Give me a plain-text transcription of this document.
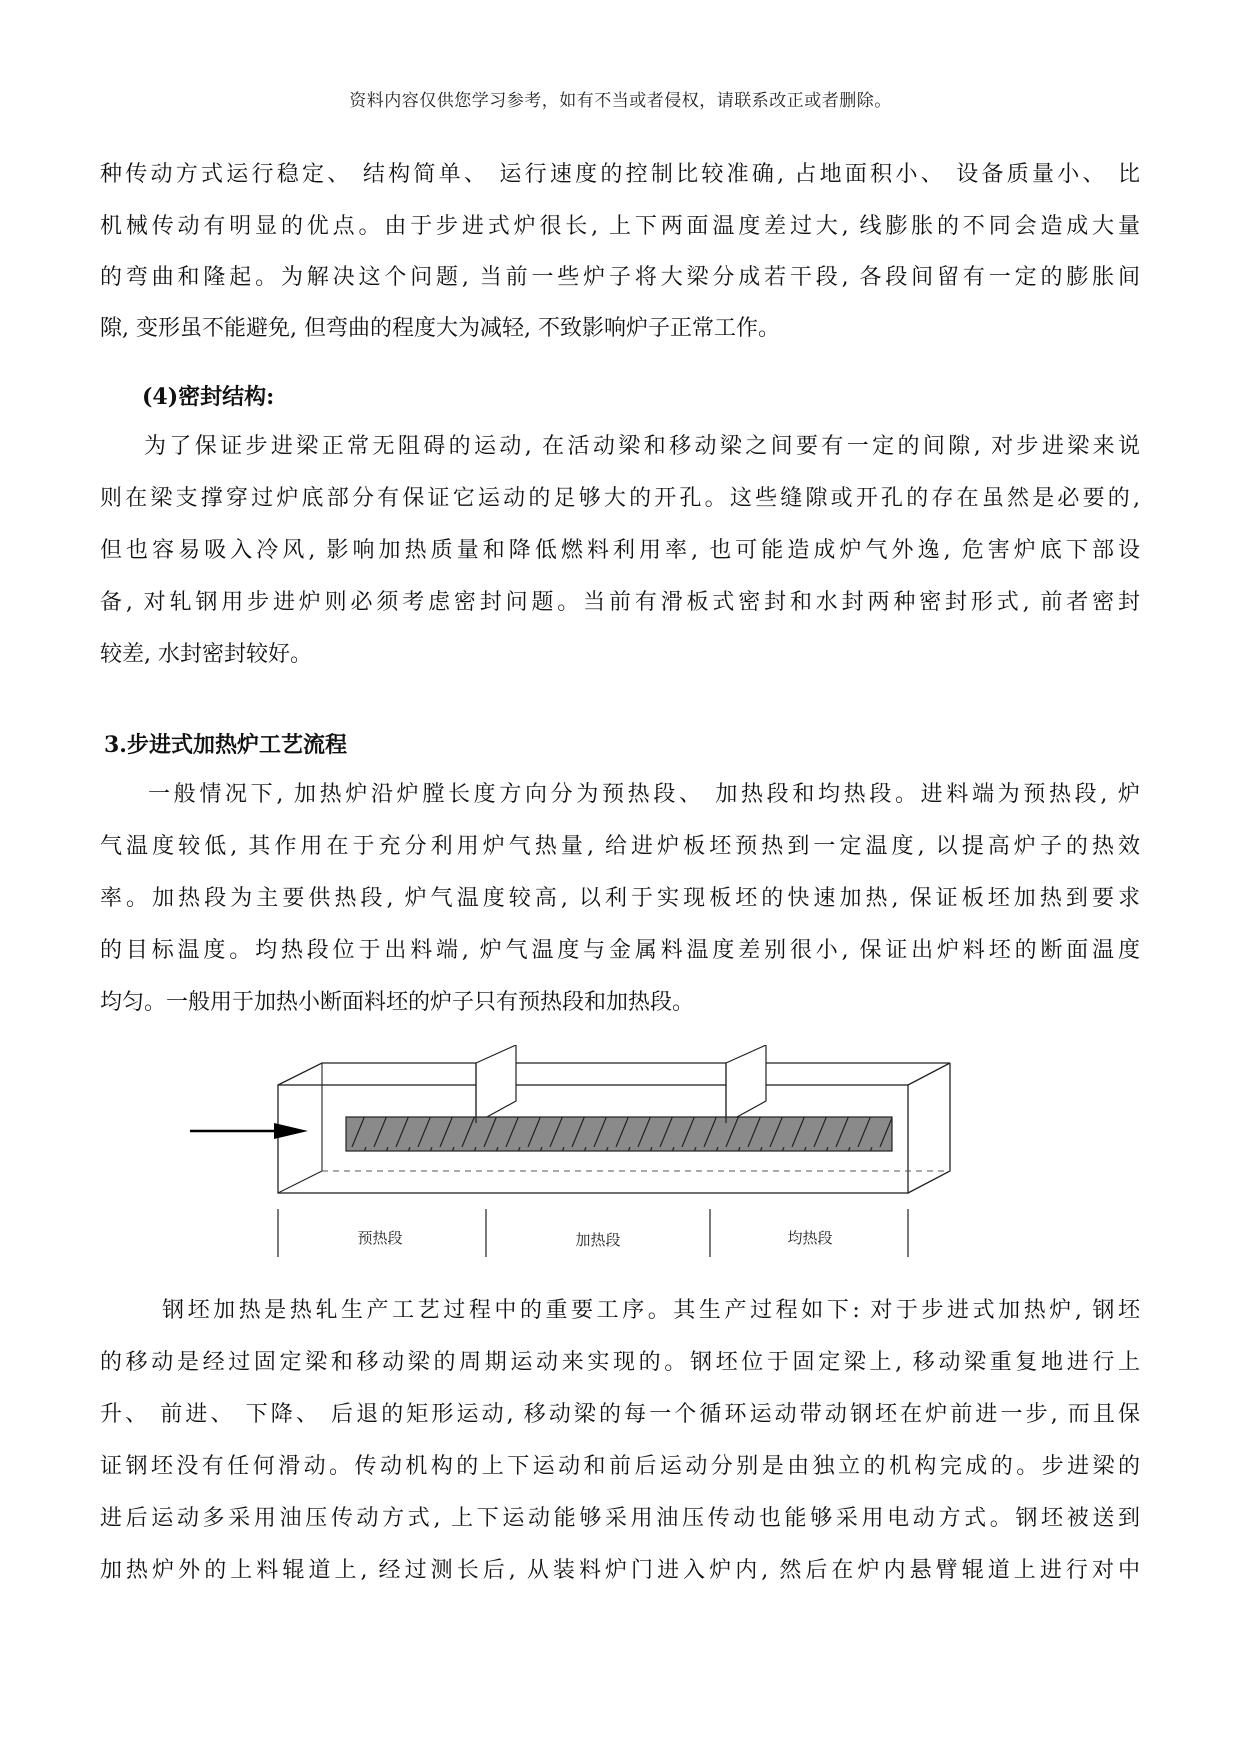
资料内容仅供您学习参考，如有不当或者侵权，请联系改正或者删除。
种传动方式运行稳定、 结构简单、 运行速度的控制比较准确, 占地面积小、 设备质量小、 比
机械传动有明显的优点。由于步进式炉很长, 上下两面温度差过大, 线膨胀的不同会造成大量
的弯曲和隆起。为解决这个问题, 当前一些炉子将大梁分成若干段, 各段间留有一定的膨胀间
隙, 变形虽不能避免, 但弯曲的程度大为减轻, 不致影响炉子正常工作。
(4)密封结构:
为了保证步进梁正常无阻碍的运动, 在活动梁和移动梁之间要有一定的间隙, 对步进梁来说
则在梁支撑穿过炉底部分有保证它运动的足够大的开孔。这些缝隙或开孔的存在虽然是必要的,
但也容易吸入冷风, 影响加热质量和降低燃料利用率, 也可能造成炉气外逸, 危害炉底下部设
备, 对轧钢用步进炉则必须考虑密封问题。当前有滑板式密封和水封两种密封形式, 前者密封
较差, 水封密封较好。
3.步进式加热炉工艺流程
一般情况下, 加热炉沿炉膛长度方向分为预热段、 加热段和均热段。进料端为预热段, 炉
气温度较低, 其作用在于充分利用炉气热量, 给进炉板坯预热到一定温度, 以提高炉子的热效
率。加热段为主要供热段, 炉气温度较高, 以利于实现板坯的快速加热, 保证板坯加热到要求
的目标温度。均热段位于出料端, 炉气温度与金属料温度差别很小, 保证出炉料坯的断面温度
均匀。一般用于加热小断面料坯的炉子只有预热段和加热段。
预热段	加热段	均热段
钢坯加热是热轧生产工艺过程中的重要工序。其生产过程如下: 对于步进式加热炉, 钢坯
的移动是经过固定梁和移动梁的周期运动来实现的。钢坯位于固定梁上, 移动梁重复地进行上
升、 前进、 下降、 后退的矩形运动, 移动梁的每一个循环运动带动钢坯在炉前进一步, 而且保
证钢坯没有任何滑动。传动机构的上下运动和前后运动分别是由独立的机构完成的。步进梁的
进后运动多采用油压传动方式, 上下运动能够采用油压传动也能够采用电动方式。钢坯被送到
加热炉外的上料辊道上, 经过测长后, 从装料炉门进入炉内, 然后在炉内悬臂辊道上进行对中
